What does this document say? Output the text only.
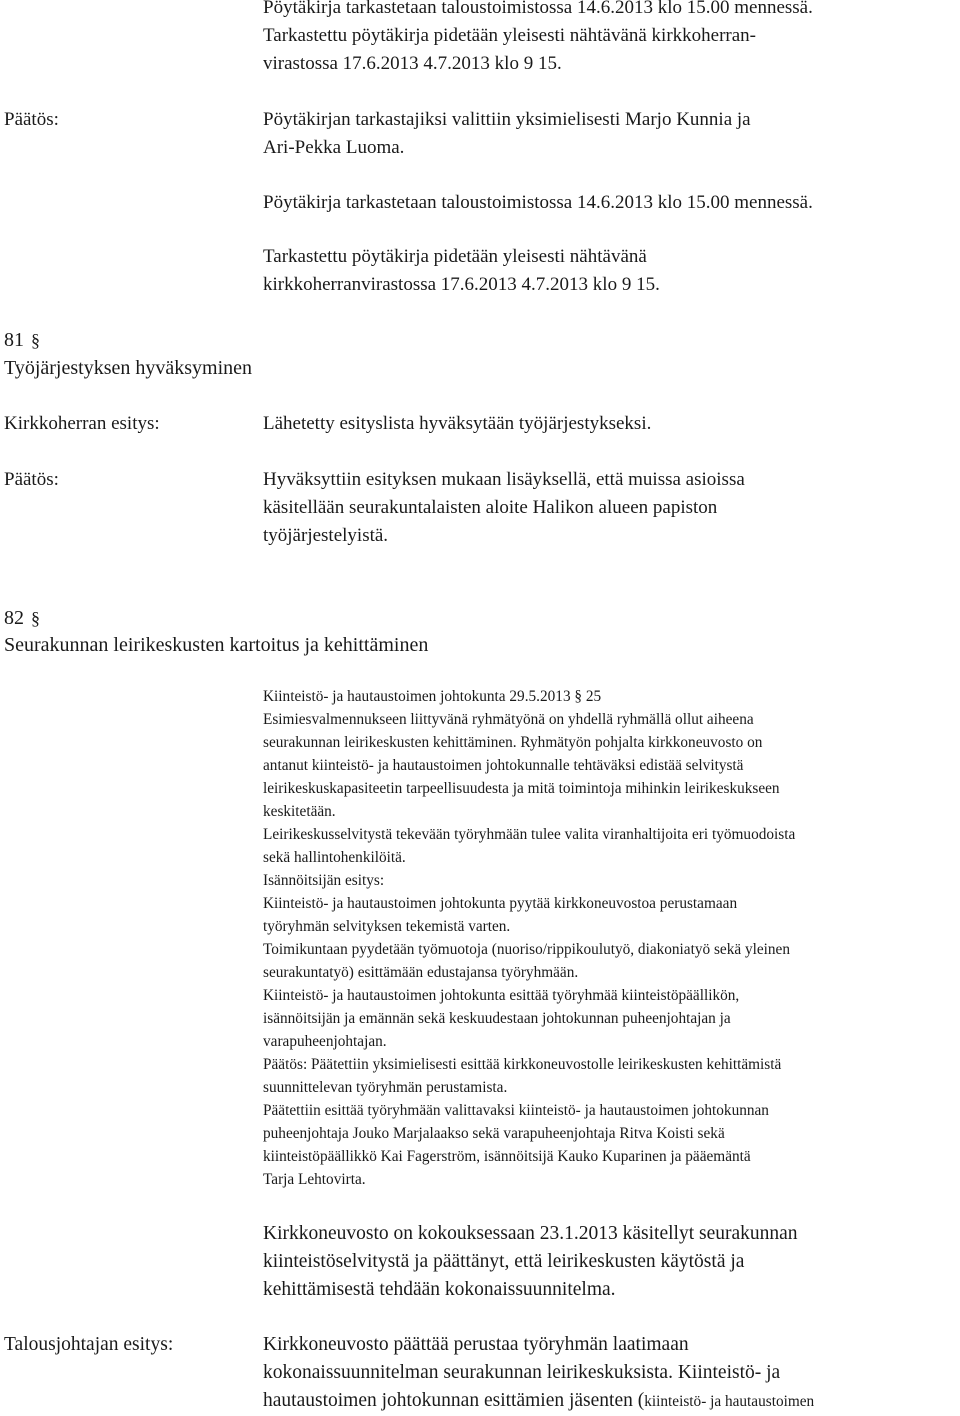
Pöytäkirja tarkastetaan taloustoimistossa 14.6.2013 klo 15.00 mennessä.

Tarkastettu pöytäkirja pidetään yleisesti nähtävänä kirkkoherran-

virastossa 17.6.2013 4.7.2013 klo 9 15.

Päätös:	Pöytäkirjan tarkastajiksi valittiin yksimielisesti Marjo Kunnia ja

Ari-Pekka Luoma.

Pöytäkirja tarkastetaan taloustoimistossa 14.6.2013 klo 15.00 mennessä.

Tarkastettu pöytäkirja pidetään yleisesti nähtävänä

kirkkoherranvirastossa 17.6.2013 4.7.2013 klo 9 15.

81 §

Työjärjestyksen hyväksyminen

Kirkkoherran esitys:	Lähetetty esityslista hyväksytään työjärjestykseksi.

Päätös:	Hyväksyttiin esityksen mukaan lisäyksellä, että muissa asioissa

käsitellään seurakuntalaisten aloite Halikon alueen papiston

työjärjestelyistä.

82 §

Seurakunnan leirikeskusten kartoitus ja kehittäminen

Kiinteistö- ja hautaustoimen johtokunta 29.5.2013 § 25

Esimiesvalmennukseen liittyvänä ryhmätyönä on yhdellä ryhmällä ollut aiheena

seurakunnan leirikeskusten kehittäminen. Ryhmätyön pohjalta kirkkoneuvosto on

antanut kiinteistö- ja hautaustoimen johtokunnalle tehtäväksi edistää selvitystä

leirikeskuskapasiteetin tarpeellisuudesta ja mitä toimintoja mihinkin leirikeskukseen

keskitetään.

Leirikeskusselvitystä tekevään työryhmään tulee valita viranhaltijoita eri työmuodoista

sekä hallintohenkilöitä.

Isännöitsijän esitys:

Kiinteistö- ja hautaustoimen johtokunta pyytää kirkkoneuvostoa perustamaan

työryhmän selvityksen tekemistä varten.

Toimikuntaan pyydetään työmuotoja (nuoriso/rippikoulutyö, diakoniatyö sekä yleinen

seurakuntatyö) esittämään edustajansa työryhmään.

Kiinteistö- ja hautaustoimen johtokunta esittää työryhmää kiinteistöpäällikön,

isännöitsijän ja emännän sekä keskuudestaan johtokunnan puheenjohtajan ja

varapuheenjohtajan.

Päätös: Päätettiin yksimielisesti esittää kirkkoneuvostolle leirikeskusten kehittämistä

suunnittelevan työryhmän perustamista.

Päätettiin esittää työryhmään valittavaksi kiinteistö- ja hautaustoimen johtokunnan

puheenjohtaja Jouko Marjalaakso sekä varapuheenjohtaja Ritva Koisti sekä

kiinteistöpäällikkö Kai Fagerström, isännöitsijä Kauko Kuparinen ja pääemäntä

Tarja Lehtovirta.

Kirkkoneuvosto on kokouksessaan 23.1.2013 käsitellyt seurakunnan

kiinteistöselvitystä ja päättänyt, että leirikeskusten käytöstä ja

kehittämisestä tehdään kokonaissuunnitelma.

Talousjohtajan esitys:	Kirkkoneuvosto päättää perustaa työryhmän laatimaan

kokonaissuunnitelman seurakunnan leirikeskuksista. Kiinteistö- ja

hautaustoimen johtokunnan esittämien jäsenten (kiinteistö- ja hautaustoimen
